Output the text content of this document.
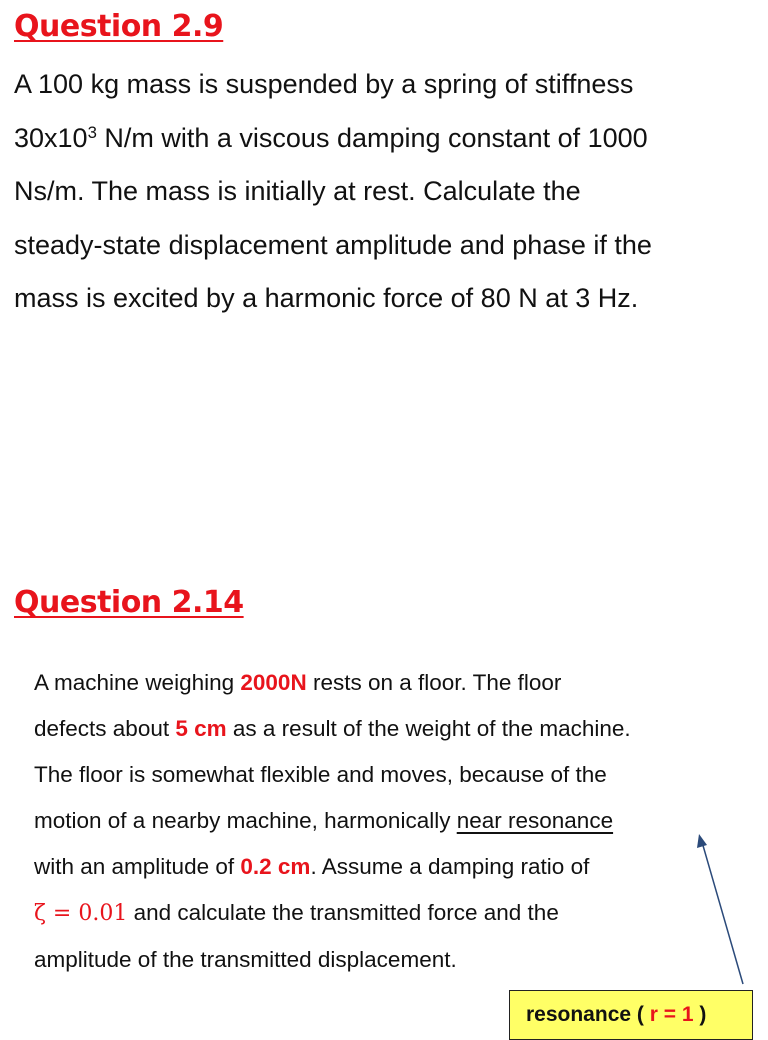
Question 2.9

A 100 kg mass is suspended by a spring of stiffness
$30x10^3$ N/m with a viscous damping constant of 1000
Ns/m. The mass is initially at rest. Calculate the
steady-state displacement amplitude and phase if the
mass is excited by a harmonic force of 80 N at 3 Hz.

Question 2.14

A machine weighing 2000N rests on a floor. The floor
defects about 5 cm as a result of the weight of the machine.
The floor is somewhat flexible and moves, because of the
motion of a nearby machine, harmonically near resonance
with an amplitude of 0.2 cm. Assume a damping ratio of
ζ = 0.01 and calculate the transmitted force and the
amplitude of the transmitted displacement.

resonance ( r = 1 )
